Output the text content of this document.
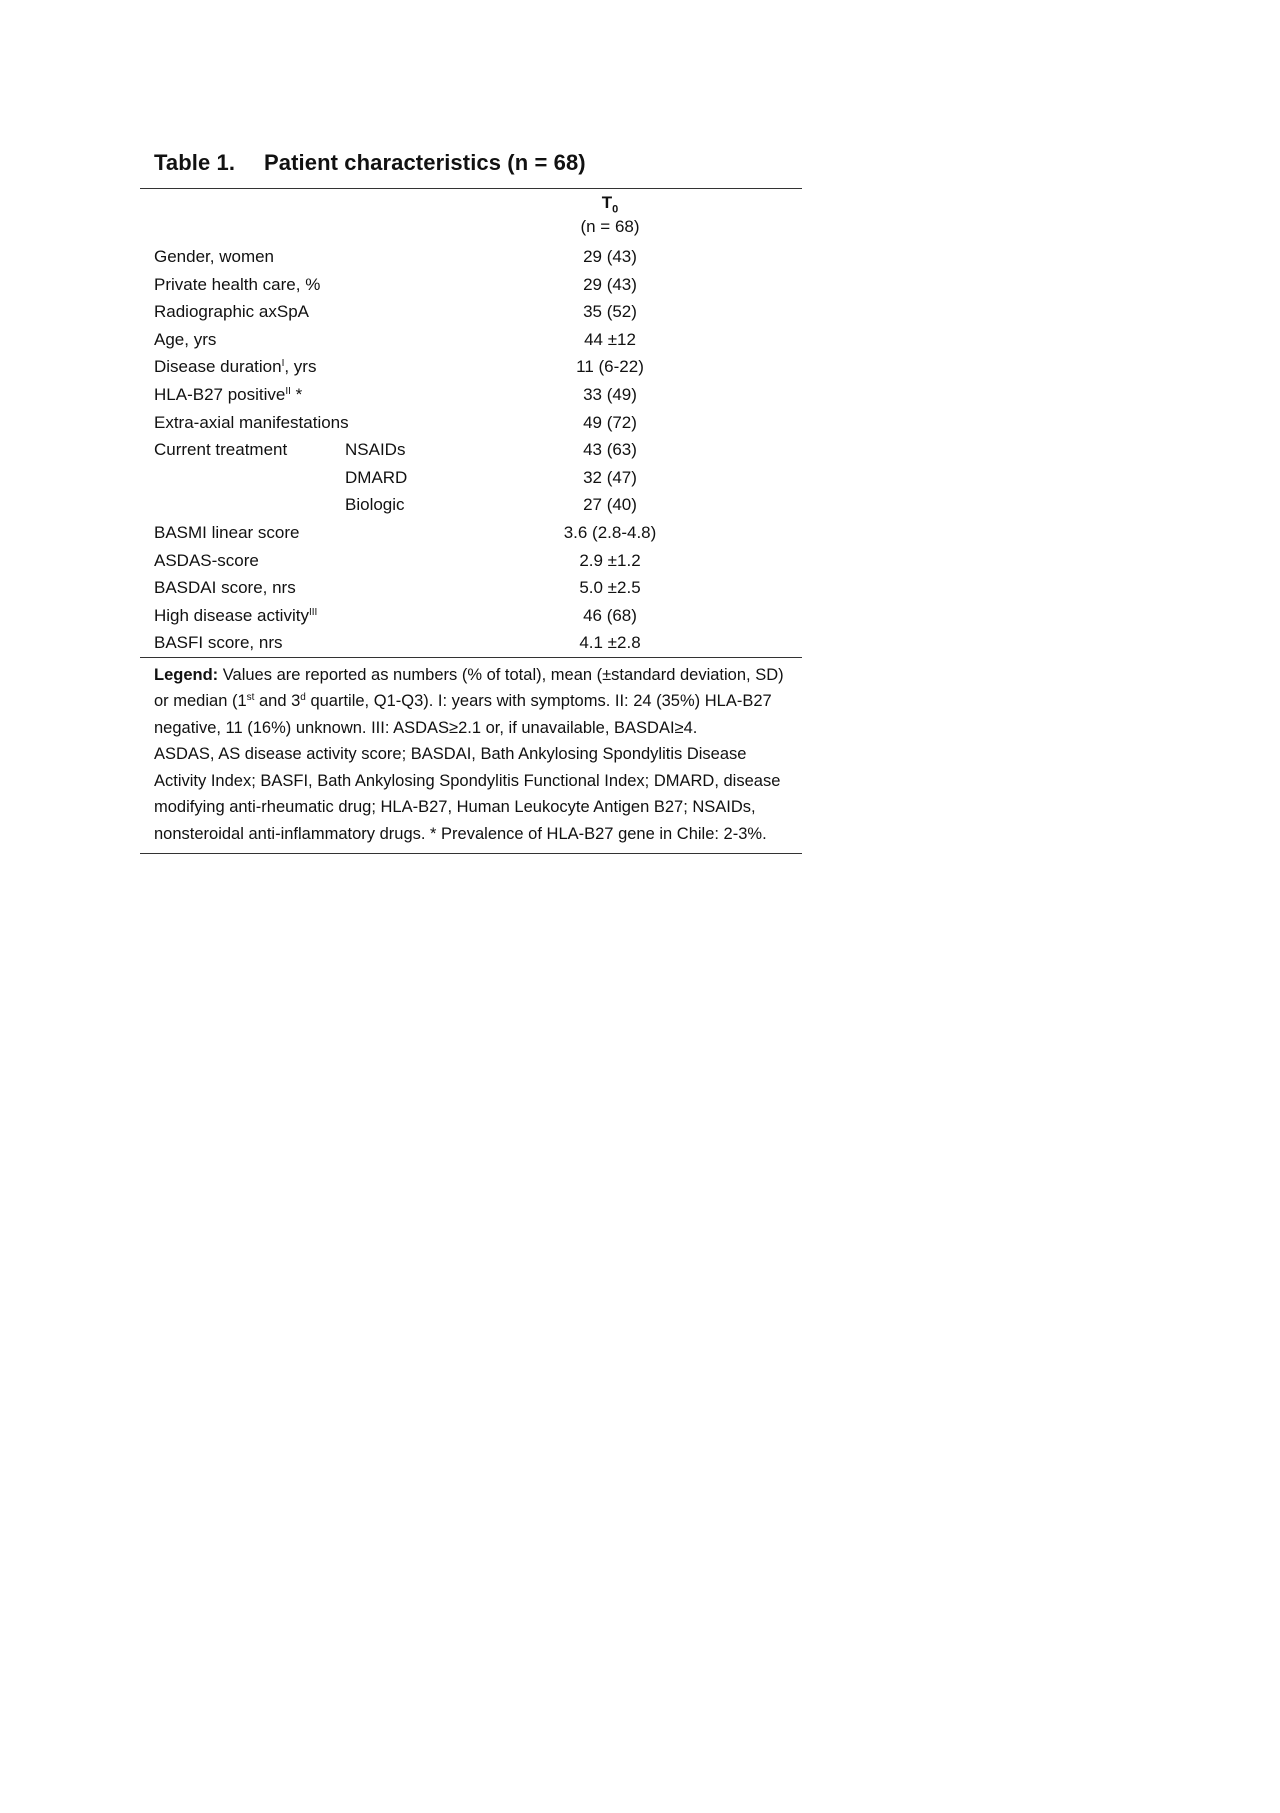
Table 1. Patient characteristics (n = 68)
$T_0$
(n = 68)
Gender, women	29 (43)
Private health care, %	29 (43)
Radiographic axSpA	35 (52)
Age, yrs	44 ±12
Disease duration$^I$, yrs	11 (6-22)
HLA-B27 positive$^{II}$ *	33 (49)
Extra-axial manifestations	49 (72)
Current treatment	NSAIDs	43 (63)
DMARD	32 (47)
Biologic	27 (40)
BASMI linear score	3.6 (2.8-4.8)
ASDAS-score	2.9 ±1.2
BASDAI score, nrs	5.0 ±2.5
High disease activity$^{III}$	46 (68)
BASFI score, nrs	4.1 ±2.8

Legend: Values are reported as numbers (% of total), mean (±standard deviation, SD) or median (1st and 3$^d$ quartile, Q1-Q3). I: years with symptoms. II: 24 (35%) HLA-B27 negative, 11 (16%) unknown. III: ASDAS≥2.1 or, if unavailable, BASDAI≥4.

ASDAS, AS disease activity score; BASDAI, Bath Ankylosing Spondylitis Disease Activity Index; BASFI, Bath Ankylosing Spondylitis Functional Index; DMARD, disease modifying anti-rheumatic drug; HLA-B27, Human Leukocyte Antigen B27; NSAIDs, nonsteroidal anti-inflammatory drugs. * Prevalence of HLA-B27 gene in Chile: 2-3%.
